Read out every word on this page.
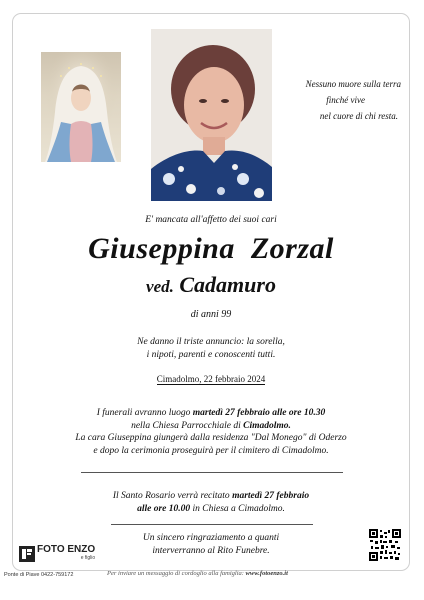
Nessuno muore sulla terra
finché vive
nel cuore di chi resta.
E' mancata all'affetto dei suoi cari
Giuseppina  Zorzal
ved. Cadamuro
di anni 99
Ne danno il triste annuncio: la sorella,
i nipoti, parenti e conoscenti tutti.
Cimadolmo, 22 febbraio 2024
I funerali avranno luogo martedì 27 febbraio alle ore 10.30
nella Chiesa Parrocchiale di Cimadolmo.
La cara Giuseppina giungerà dalla residenza "Dal Monego" di Oderzo
e dopo la cerimonia proseguirà per il cimitero di Cimadolmo.
Il Santo Rosario verrà recitato martedì 27 febbraio
alle ore 10.00 in Chiesa a Cimadolmo.
Un sincero ringraziamento a quanti
interverranno al Rito Funebre.
FOTO ENZO
e figlio
Ponte di Piave 0422-759172	Per inviare un messaggio di cordoglio alla famiglia: www.fotoenzo.it
